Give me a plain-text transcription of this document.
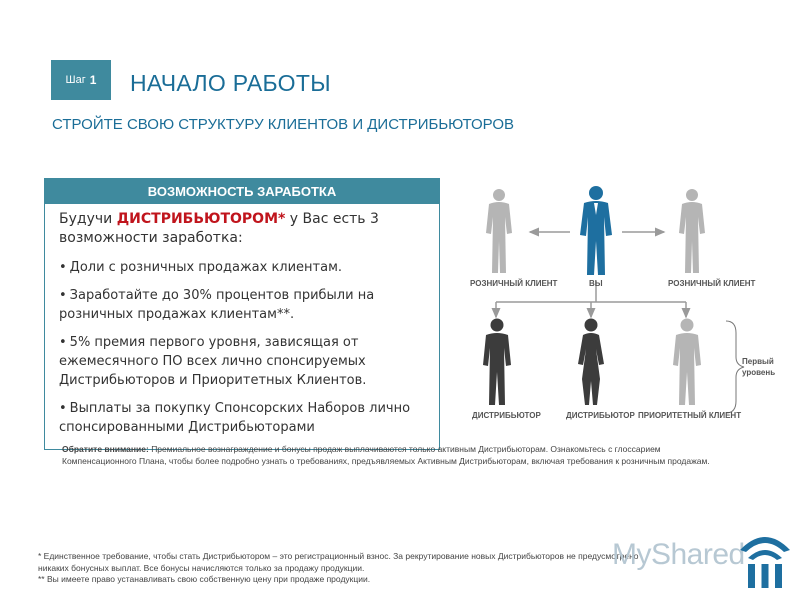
Шаг 1 НАЧАЛО РАБОТЫ
СТРОЙТЕ СВОЮ СТРУКТУРУ КЛИЕНТОВ И ДИСТРИБЬЮТОРОВ
ВОЗМОЖНОСТЬ ЗАРАБОТКА

Будучи ДИСТРИБЬЮТОРОМ* у Вас есть 3 возможности заработка:

• Доли с розничных продажах клиентам.
• Заработайте до 30% процентов прибыли на розничных продажах клиентам**.
• 5% премия первого уровня, зависящая от ежемесячного ПО всех лично спонсируемых Дистрибьюторов и Приоритетных Клиентов.
• Выплаты за покупку Спонсорских Наборов лично спонсированными Дистрибьюторами
Обратите внимание: Премиальное вознаграждение и бонусы продаж выплачиваются только активным Дистрибьюторам. Ознакомьтесь с глоссарием Компенсационного Плана, чтобы более подробно узнать о требованиях, предъявляемых Активным Дистрибьюторам, включая требования к розничным продажам.
РОЗНИЧНЫЙ КЛИЕНТ	ВЫ	РОЗНИЧНЫЙ КЛИЕНТ
ДИСТРИБЬЮТОР	ДИСТРИБЬЮТОР ПРИОРИТЕТНЫЙ КЛИЕНТ
Первый
уровень
* Единственное требование, чтобы стать Дистрибьютором – это регистрационный взнос. За рекрутирование новых Дистрибьюторов не предусмотрено никаких бонусных выплат. Все бонусы начисляются только за продажу продукции.
** Вы имеете право устанавливать свою собственную цену при продаже продукции.
MyShared
